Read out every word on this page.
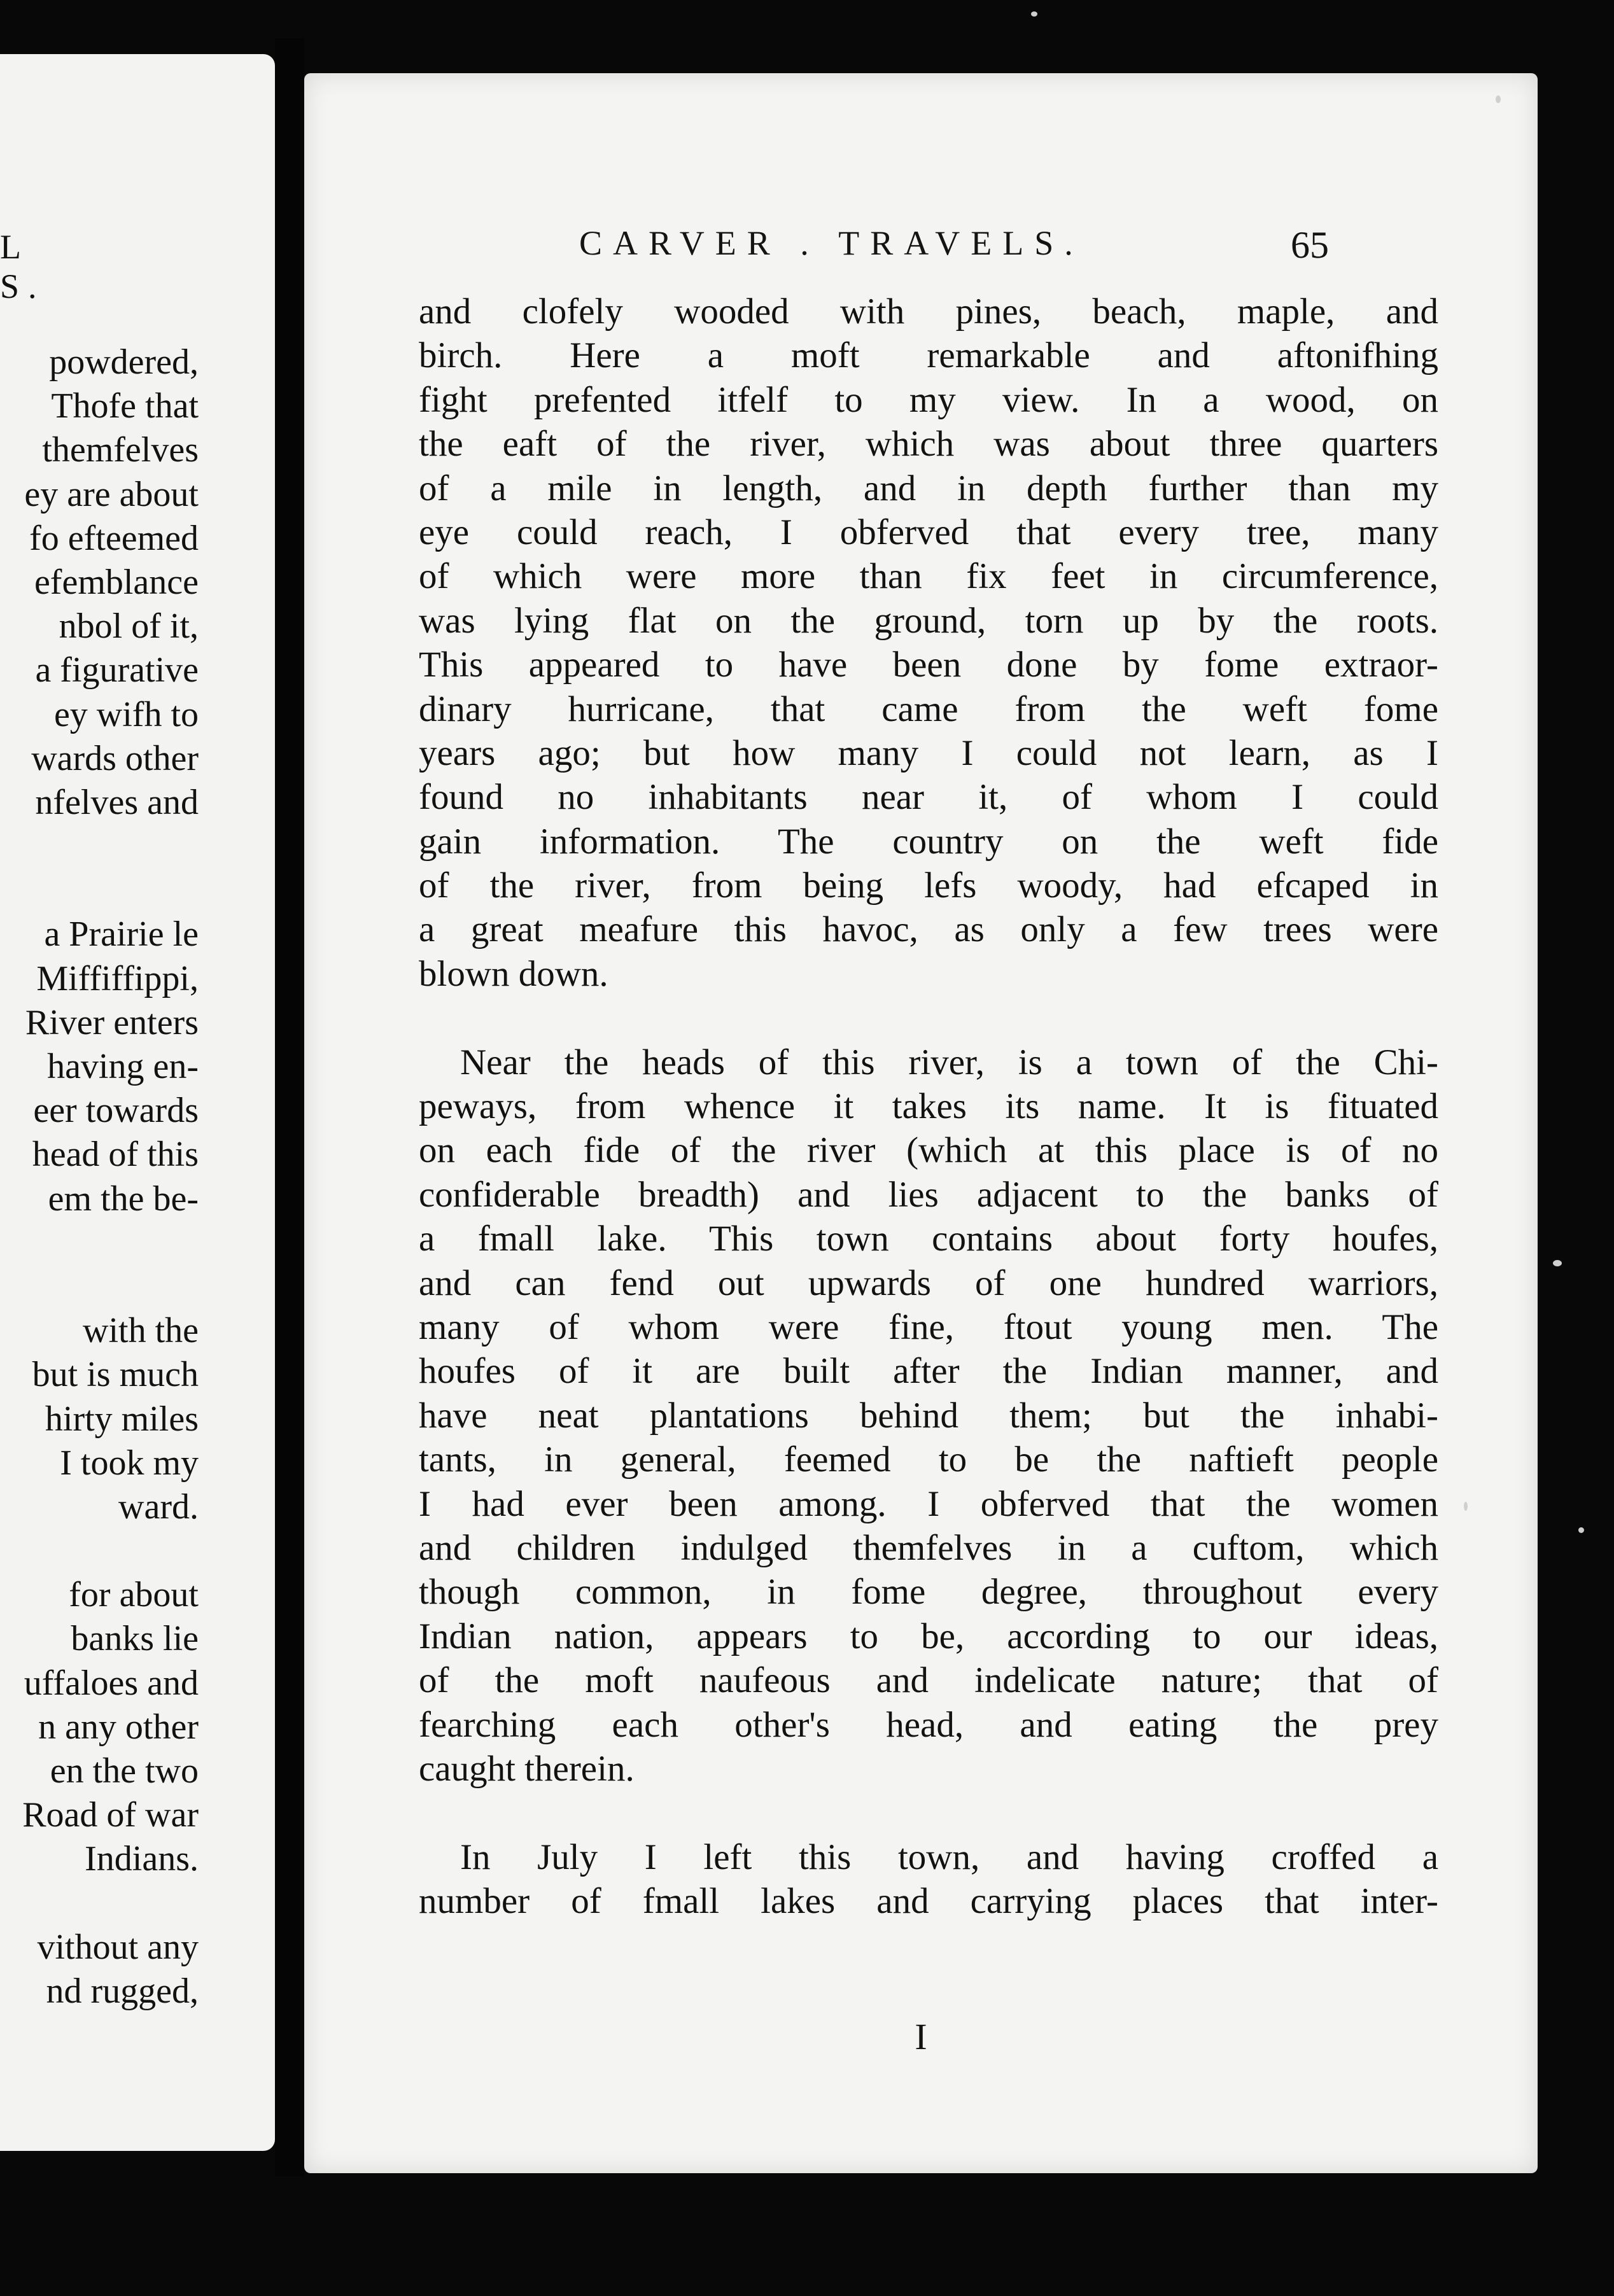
L S.
powdered,
Thofe that
themfelves
ey are about
fo efteemed
efemblance
nbol of it,
a figurative
ey wifh to
wards other
nfelves and
a Prairie le
Miffiffippi,
River enters
having en-
eer towards
head of this
em the be-
with the
but is much
hirty miles
I took my
ward.
for about
banks lie
uffaloes and
n any other
en the two
Road of war
Indians.
vithout any
nd rugged,
CARVER . TRAVELS.	65
and clofely wooded with pines, beach, maple, and
birch. Here a moft remarkable and aftonifhing
fight prefented itfelf to my view. In a wood, on
the eaft of the river, which was about three quarters
of a mile in length, and in depth further than my
eye could reach, I obferved that every tree, many
of which were more than fix feet in circumference,
was lying flat on the ground, torn up by the roots.
This appeared to have been done by fome extraor-
dinary hurricane, that came from the weft fome
years ago; but how many I could not learn, as I
found no inhabitants near it, of whom I could
gain information. The country on the weft fide
of the river, from being lefs woody, had efcaped in
a great meafure this havoc, as only a few trees were
blown down.
Near the heads of this river, is a town of the Chi-
peways, from whence it takes its name. It is fituated
on each fide of the river (which at this place is of no
confiderable breadth) and lies adjacent to the banks of
a fmall lake. This town contains about forty houfes,
and can fend out upwards of one hundred warriors,
many of whom were fine, ftout young men. The
houfes of it are built after the Indian manner, and
have neat plantations behind them; but the inhabi-
tants, in general, feemed to be the naftieft people
I had ever been among. I obferved that the women
and children indulged themfelves in a cuftom, which
though common, in fome degree, throughout every
Indian nation, appears to be, according to our ideas,
of the moft naufeous and indelicate nature; that of
fearching each other's head, and eating the prey
caught therein.
In July I left this town, and having croffed a
number of fmall lakes and carrying places that inter-
I
